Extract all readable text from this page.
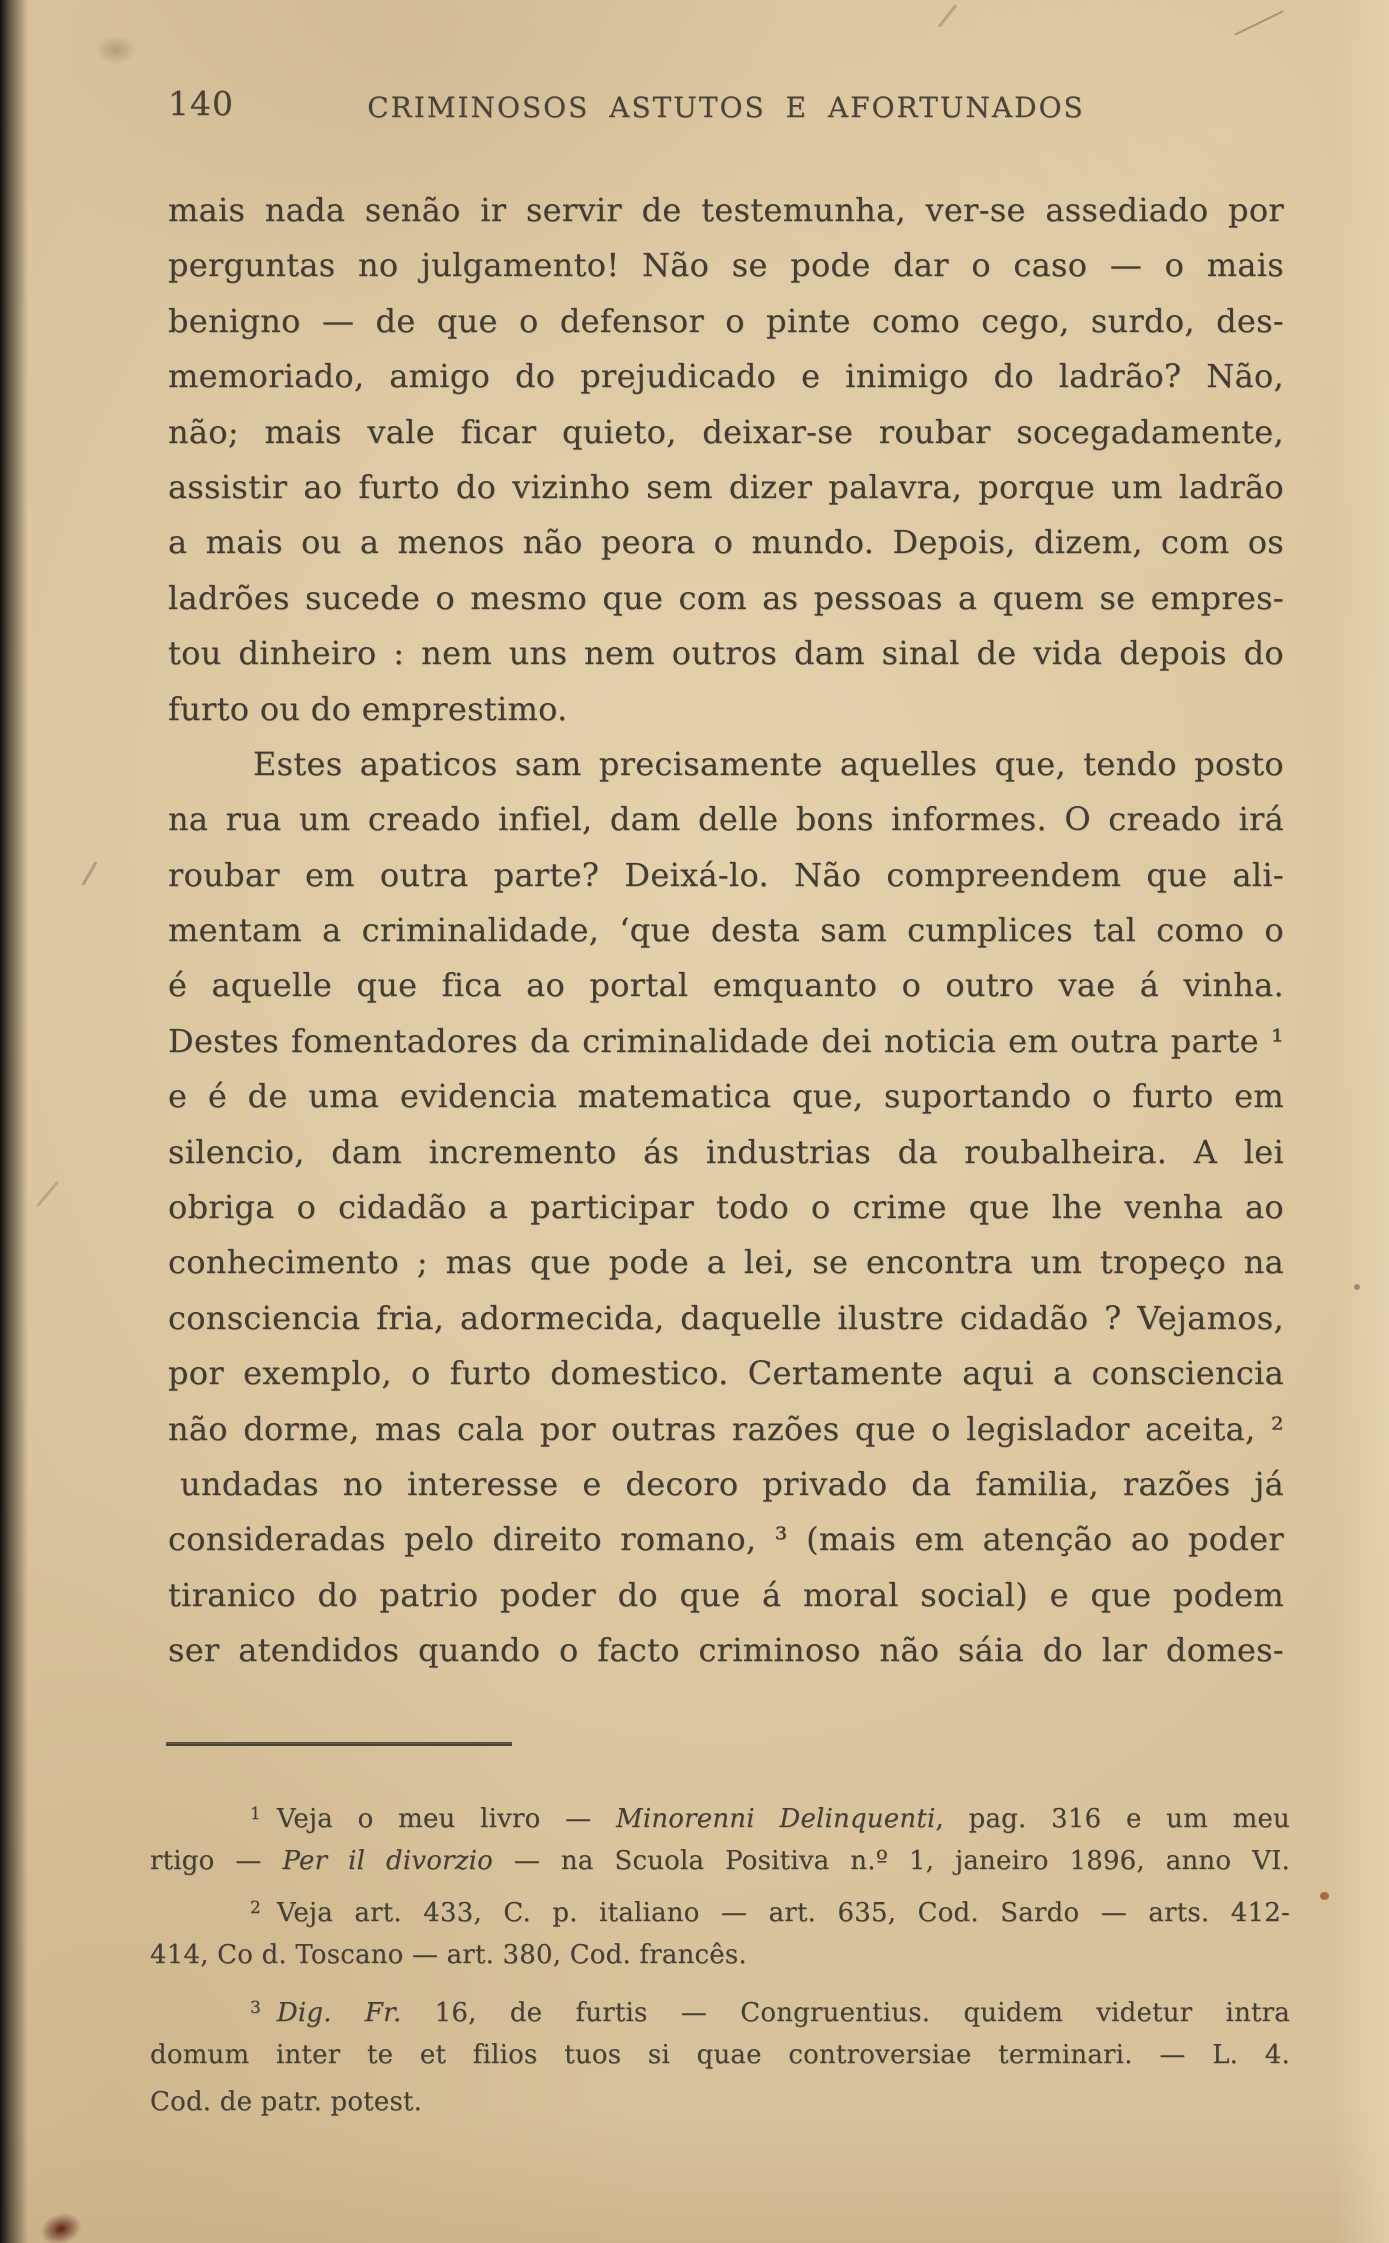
140	CRIMINOSOS ASTUTOS E AFORTUNADOS
mais nada senão ir servir de testemunha, ver-se assediado por
perguntas no julgamento! Não se pode dar o caso — o mais
benigno — de que o defensor o pinte como cego, surdo, des-
memoriado, amigo do prejudicado e inimigo do ladrão? Não,
não; mais vale ficar quieto, deixar-se roubar socegadamente,
assistir ao furto do vizinho sem dizer palavra, porque um ladrão
a mais ou a menos não peora o mundo. Depois, dizem, com os
ladrões sucede o mesmo que com as pessoas a quem se empres-
tou dinheiro : nem uns nem outros dam sinal de vida depois do
furto ou do emprestimo.
Estes apaticos sam precisamente aquelles que, tendo posto
na rua um creado infiel, dam delle bons informes. O creado irá
roubar em outra parte? Deixá-lo. Não compreendem que ali-
mentam a criminalidade, ‘que desta sam cumplices tal como o
é aquelle que fica ao portal emquanto o outro vae á vinha.
Destes fomentadores da criminalidade dei noticia em outra parte ¹
e é de uma evidencia matematica que, suportando o furto em
silencio, dam incremento ás industrias da roubalheira. A lei
obriga o cidadão a participar todo o crime que lhe venha ao
conhecimento ; mas que pode a lei, se encontra um tropeço na
consciencia fria, adormecida, daquelle ilustre cidadão ? Vejamos,
por exemplo, o furto domestico. Certamente aqui a consciencia
não dorme, mas cala por outras razões que o legislador aceita, ²
undadas no interesse e decoro privado da familia, razões já
consideradas pelo direito romano, ³ (mais em atenção ao poder
tiranico do patrio poder do que á moral social) e que podem
ser atendidos quando o facto criminoso não sáia do lar domes-
$^1$ Veja o meu livro — Minorenni Delinquenti, pag. 316 e um meu
rtigo — Per il divorzio — na Scuola Positiva n.º 1, janeiro 1896, anno VI.
$^2$ Veja art. 433, C. p. italiano — art. 635, Cod. Sardo — arts. 412-
414, Co d. Toscano — art. 380, Cod. francês.
$^3$ Dig. Fr. 16, de furtis — Congruentius. quidem videtur intra
domum inter te et filios tuos si quae controversiae terminari. — L. 4.
Cod. de patr. potest.
